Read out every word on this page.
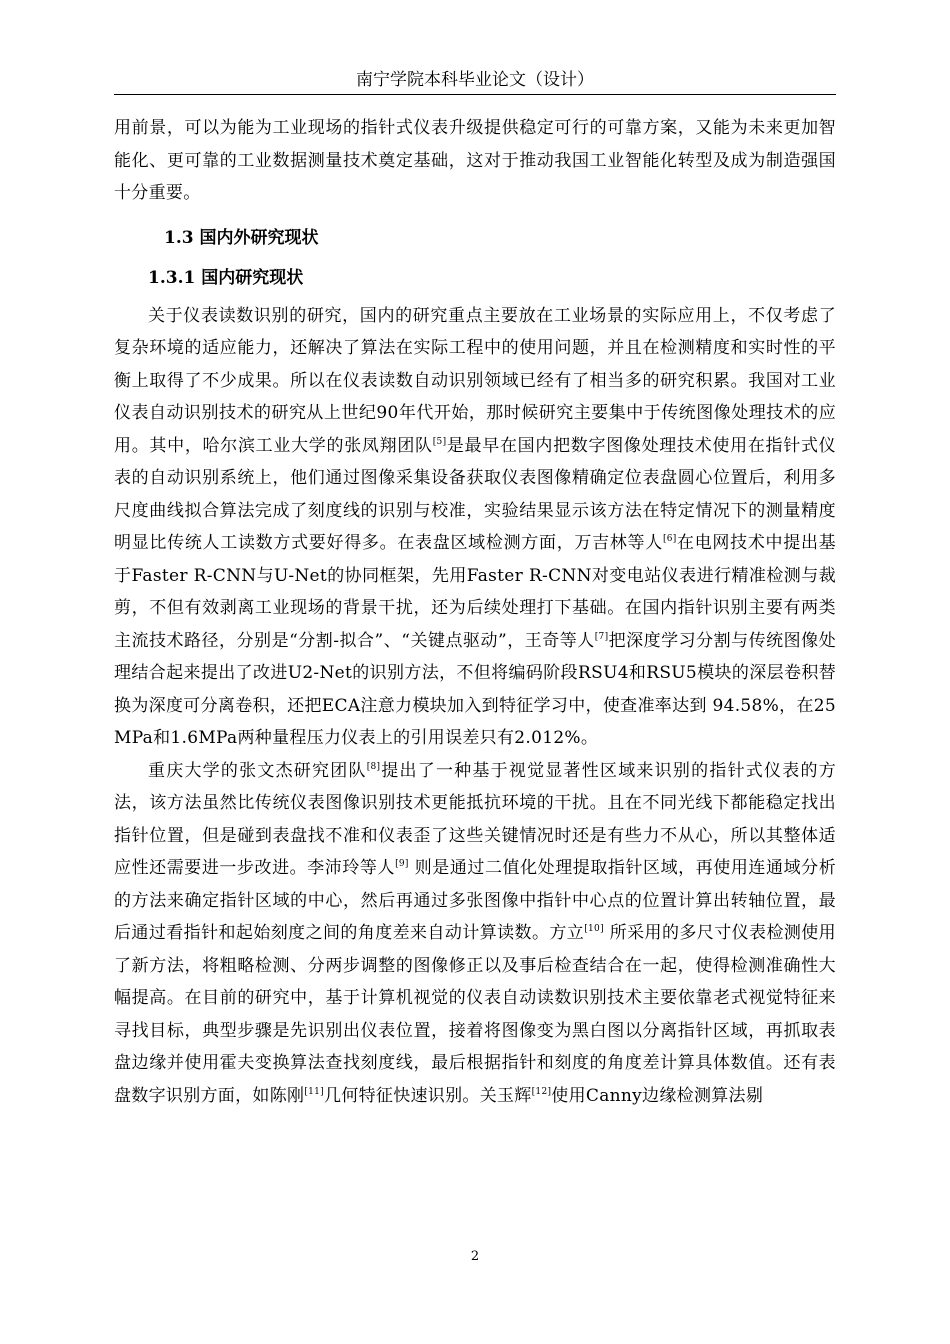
南宁学院本科毕业论文（设计）

用前景，可以为能为工业现场的指针式仪表升级提供稳定可行的可靠方案，又能为未来更加智能化、更可靠的工业数据测量技术奠定基础，这对于推动我国工业智能化转型及成为制造强国十分重要。

1.3 国内外研究现状
1.3.1 国内研究现状

关于仪表读数识别的研究，国内的研究重点主要放在工业场景的实际应用上，不仅考虑了复杂环境的适应能力，还解决了算法在实际工程中的使用问题，并且在检测精度和实时性的平衡上取得了不少成果。所以在仪表读数自动识别领域已经有了相当多的研究积累。我国对工业仪表自动识别技术的研究从上世纪90年代开始，那时候研究主要集中于传统图像处理技术的应用。其中，哈尔滨工业大学的张凤翔团队[5]是最早在国内把数字图像处理技术使用在指针式仪表的自动识别系统上，他们通过图像采集设备获取仪表图像精确定位表盘圆心位置后，利用多尺度曲线拟合算法完成了刻度线的识别与校准，实验结果显示该方法在特定情况下的测量精度明显比传统人工读数方式要好得多。在表盘区域检测方面，万吉林等人[6]在电网技术中提出基于Faster R-CNN与U-Net的协同框架，先用Faster R-CNN对变电站仪表进行精准检测与裁剪，不但有效剥离工业现场的背景干扰，还为后续处理打下基础。在国内指针识别主要有两类主流技术路径，分别是“分割-拟合”、“关键点驱动”，王奇等人[7]把深度学习分割与传统图像处理结合起来提出了改进U2-Net的识别方法，不但将编码阶段RSU4和RSU5模块的深层卷积替换为深度可分离卷积，还把ECA注意力模块加入到特征学习中，使查准率达到 94.58%，在25MPa和1.6MPa两种量程压力仪表上的引用误差只有2.012%。

重庆大学的张文杰研究团队[8]提出了一种基于视觉显著性区域来识别的指针式仪表的方法，该方法虽然比传统仪表图像识别技术更能抵抗环境的干扰。且在不同光线下都能稳定找出指针位置，但是碰到表盘找不准和仪表歪了这些关键情况时还是有些力不从心，所以其整体适应性还需要进一步改进。李沛玲等人[9] 则是通过二值化处理提取指针区域，再使用连通域分析的方法来确定指针区域的中心，然后再通过多张图像中指针中心点的位置计算出转轴位置，最后通过看指针和起始刻度之间的角度差来自动计算读数。方立[10] 所采用的多尺寸仪表检测使用了新方法，将粗略检测、分两步调整的图像修正以及事后检查结合在一起，使得检测准确性大幅提高。在目前的研究中，基于计算机视觉的仪表自动读数识别技术主要依靠老式视觉特征来寻找目标，典型步骤是先识别出仪表位置，接着将图像变为黑白图以分离指针区域，再抓取表盘边缘并使用霍夫变换算法查找刻度线，最后根据指针和刻度的角度差计算具体数值。还有表盘数字识别方面，如陈刚[11]几何特征快速识别。关玉辉[12]使用Canny边缘检测算法剔

2
